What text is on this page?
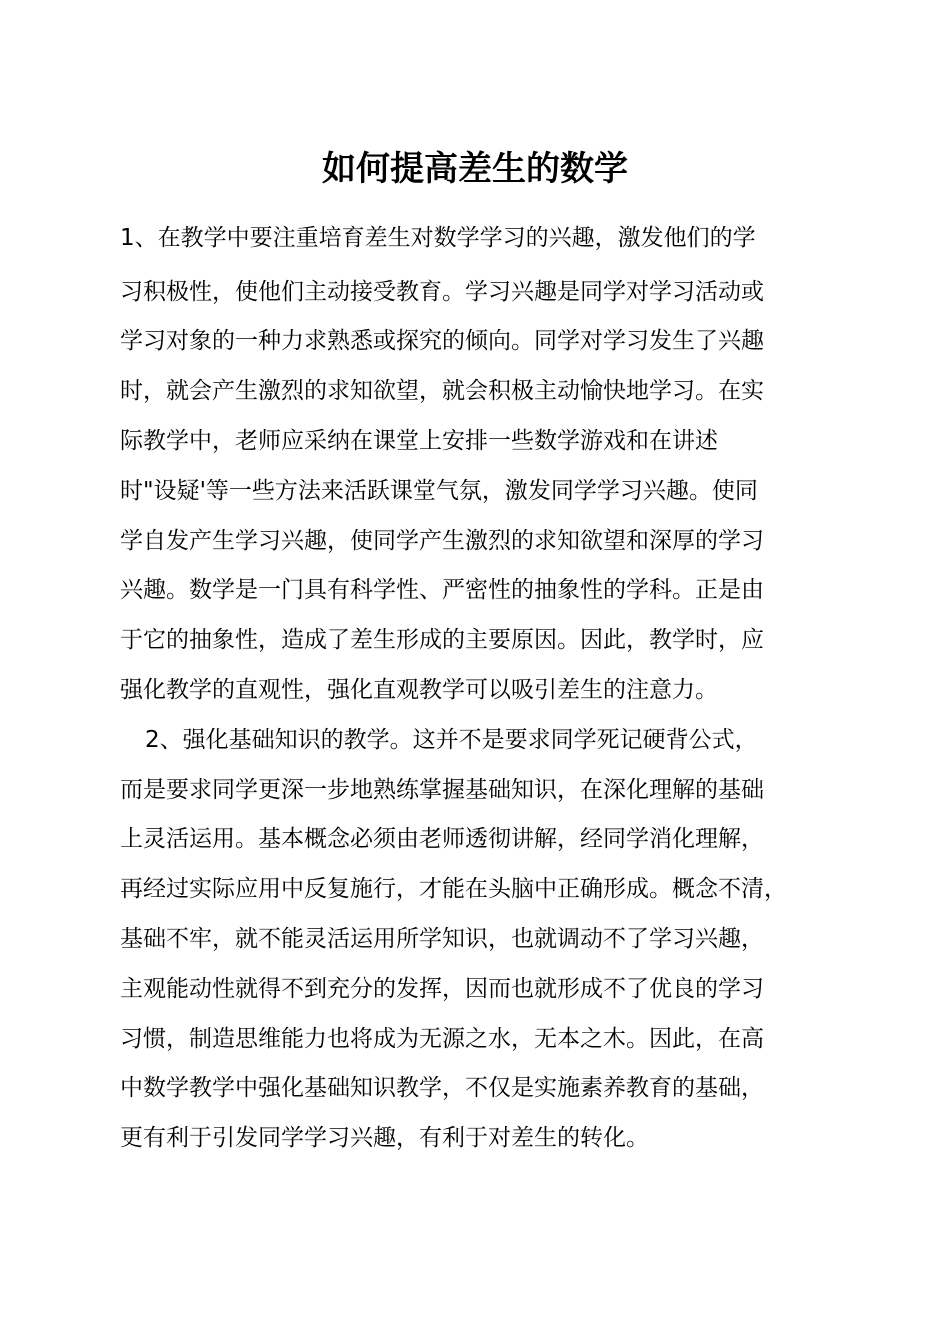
如何提高差生的数学

1、在教学中要注重培育差生对数学学习的兴趣，激发他们的学

习积极性，使他们主动接受教育。学习兴趣是同学对学习活动或

学习对象的一种力求熟悉或探究的倾向。同学对学习发生了兴趣

时，就会产生激烈的求知欲望，就会积极主动愉快地学习。在实

际教学中，老师应采纳在课堂上安排一些数学游戏和在讲述

时"设疑'等一些方法来活跃课堂气氛，激发同学学习兴趣。使同

学自发产生学习兴趣，使同学产生激烈的求知欲望和深厚的学习

兴趣。数学是一门具有科学性、严密性的抽象性的学科。正是由

于它的抽象性，造成了差生形成的主要原因。因此，教学时，应

强化教学的直观性，强化直观教学可以吸引差生的注意力。

2、强化基础知识的教学。这并不是要求同学死记硬背公式，

而是要求同学更深一步地熟练掌握基础知识，在深化理解的基础

上灵活运用。基本概念必须由老师透彻讲解，经同学消化理解，

再经过实际应用中反复施行，才能在头脑中正确形成。概念不清，

基础不牢，就不能灵活运用所学知识，也就调动不了学习兴趣，

主观能动性就得不到充分的发挥，因而也就形成不了优良的学习

习惯，制造思维能力也将成为无源之水，无本之木。因此，在高

中数学教学中强化基础知识教学，不仅是实施素养教育的基础，

更有利于引发同学学习兴趣，有利于对差生的转化。
